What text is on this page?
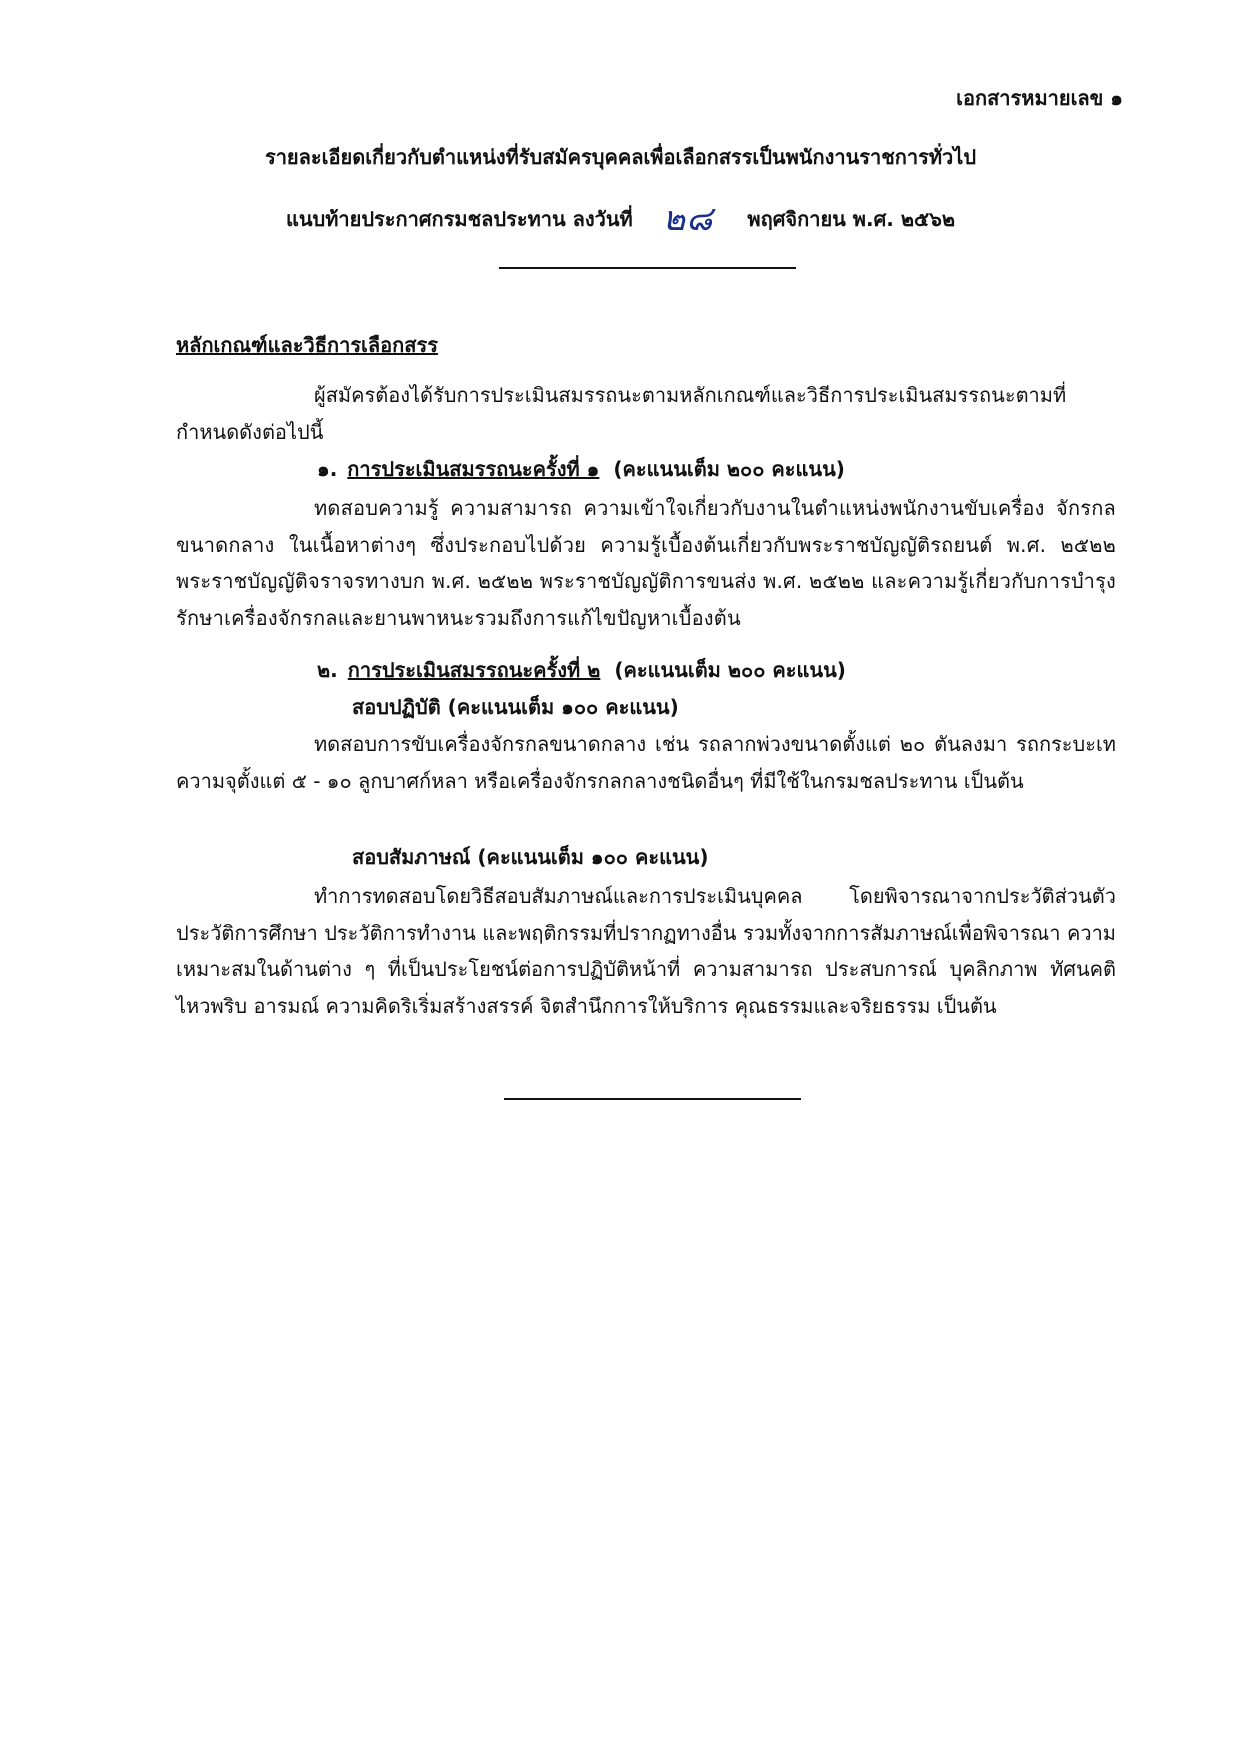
เอกสารหมายเลข ๑
รายละเอียดเกี่ยวกับตำแหน่งที่รับสมัครบุคคลเพื่อเลือกสรรเป็นพนักงานราชการทั่วไป
แนบท้ายประกาศกรมชลประทาน ลงวันที่ ๒๘ พฤศจิกายน พ.ศ. ๒๕๖๒
หลักเกณฑ์และวิธีการเลือกสรร
ผู้สมัครต้องได้รับการประเมินสมรรถนะตามหลักเกณฑ์และวิธีการประเมินสมรรถนะตามที่กำหนดดังต่อไปนี้
๑. การประเมินสมรรถนะครั้งที่ ๑ (คะแนนเต็ม ๒๐๐ คะแนน)
ทดสอบความรู้ ความสามารถ ความเข้าใจเกี่ยวกับงานในตำแหน่งพนักงานขับเครื่อง จักรกลขนาดกลาง ในเนื้อหาต่างๆ ซึ่งประกอบไปด้วย ความรู้เบื้องต้นเกี่ยวกับพระราชบัญญัติรถยนต์ พ.ศ. ๒๕๒๒ พระราชบัญญัติจราจรทางบก พ.ศ. ๒๕๒๒ พระราชบัญญัติการขนส่ง พ.ศ. ๒๕๒๒ และความรู้เกี่ยวกับการบำรุงรักษาเครื่องจักรกลและยานพาหนะรวมถึงการแก้ไขปัญหาเบื้องต้น
๒. การประเมินสมรรถนะครั้งที่ ๒ (คะแนนเต็ม ๒๐๐ คะแนน)
สอบปฏิบัติ (คะแนนเต็ม ๑๐๐ คะแนน)
ทดสอบการขับเครื่องจักรกลขนาดกลาง เช่น รถลากพ่วงขนาดตั้งแต่ ๒๐ ตันลงมา รถกระบะเทความจุตั้งแต่ ๕ - ๑๐ ลูกบาศก์หลา หรือเครื่องจักรกลกลางชนิดอื่นๆ ที่มีใช้ในกรมชลประทาน เป็นต้น
สอบสัมภาษณ์ (คะแนนเต็ม ๑๐๐ คะแนน)
ทำการทดสอบโดยวิธีสอบสัมภาษณ์และการประเมินบุคคล โดยพิจารณาจากประวัติส่วนตัว ประวัติการศึกษา ประวัติการทำงาน และพฤติกรรมที่ปรากฏทางอื่น รวมทั้งจากการสัมภาษณ์เพื่อพิจารณา ความเหมาะสมในด้านต่าง ๆ ที่เป็นประโยชน์ต่อการปฏิบัติหน้าที่ ความสามารถ ประสบการณ์ บุคลิกภาพ ทัศนคติ ไหวพริบ อารมณ์ ความคิดริเริ่มสร้างสรรค์ จิตสำนึกการให้บริการ คุณธรรมและจริยธรรม เป็นต้น
